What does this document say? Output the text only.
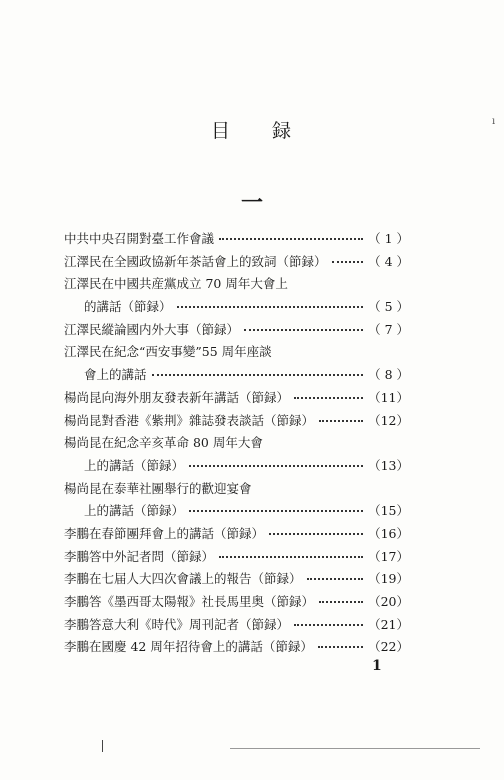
目 録
一
中共中央召開對臺工作會議	（ 1 ）
江澤民在全國政協新年茶話會上的致詞（節録）	（ 4 ）
江澤民在中國共産黨成立 70 周年大會上
的講話（節録）	（ 5 ）
江澤民縱論國内外大事（節録）	（ 7 ）
江澤民在紀念“西安事變”55 周年座談
會上的講話	（ 8 ）
楊尚昆向海外朋友發表新年講話（節録）	（11）
楊尚昆對香港《紫荆》雜誌發表談話（節録）	（12）
楊尚昆在紀念辛亥革命 80 周年大會
上的講話（節録）	（13）
楊尚昆在泰華社團舉行的歡迎宴會
上的講話（節録）	（15）
李鵬在春節團拜會上的講話（節録）	（16）
李鵬答中外記者問（節録）	（17）
李鵬在七届人大四次會議上的報告（節録）	（19）
李鵬答《墨西哥太陽報》社長馬里奥（節録）	（20）
李鵬答意大利《時代》周刊記者（節録）	（21）
李鵬在國慶 42 周年招待會上的講話（節録）	（22）
1
ı
